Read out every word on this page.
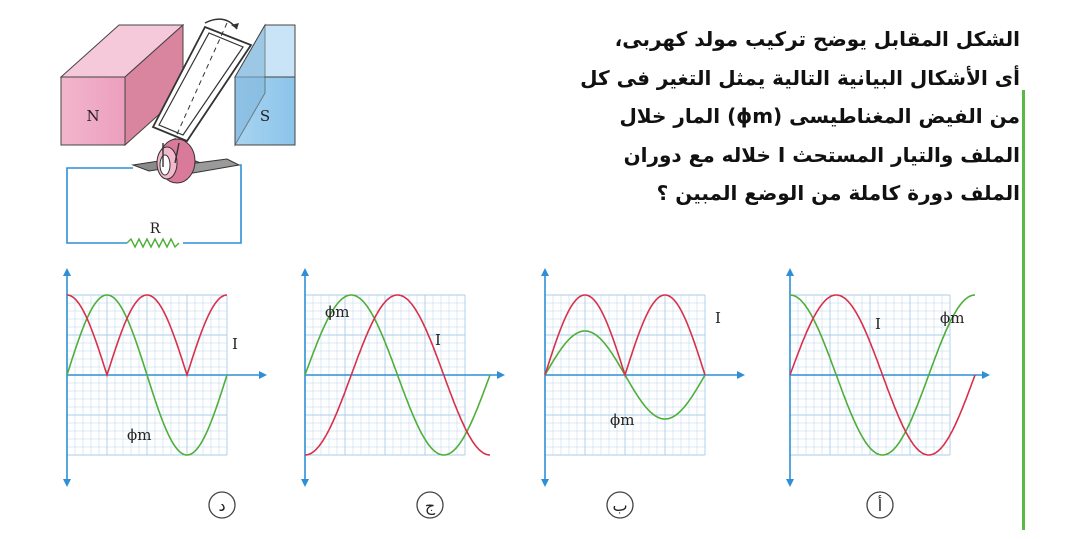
الشكل المقابل يوضح تركيب مولد كهربى،
أى الأشكال البيانية التالية يمثل التغير فى كل
من الفيض المغناطيسى (ϕm) المار خلال
الملف والتيار المستحث I خلاله مع دوران
الملف دورة كاملة من الوضع المبين ؟
N	S
R
I
ϕm
د
I
ϕm
ج
I
ϕm
ب
I	ϕm
أ
